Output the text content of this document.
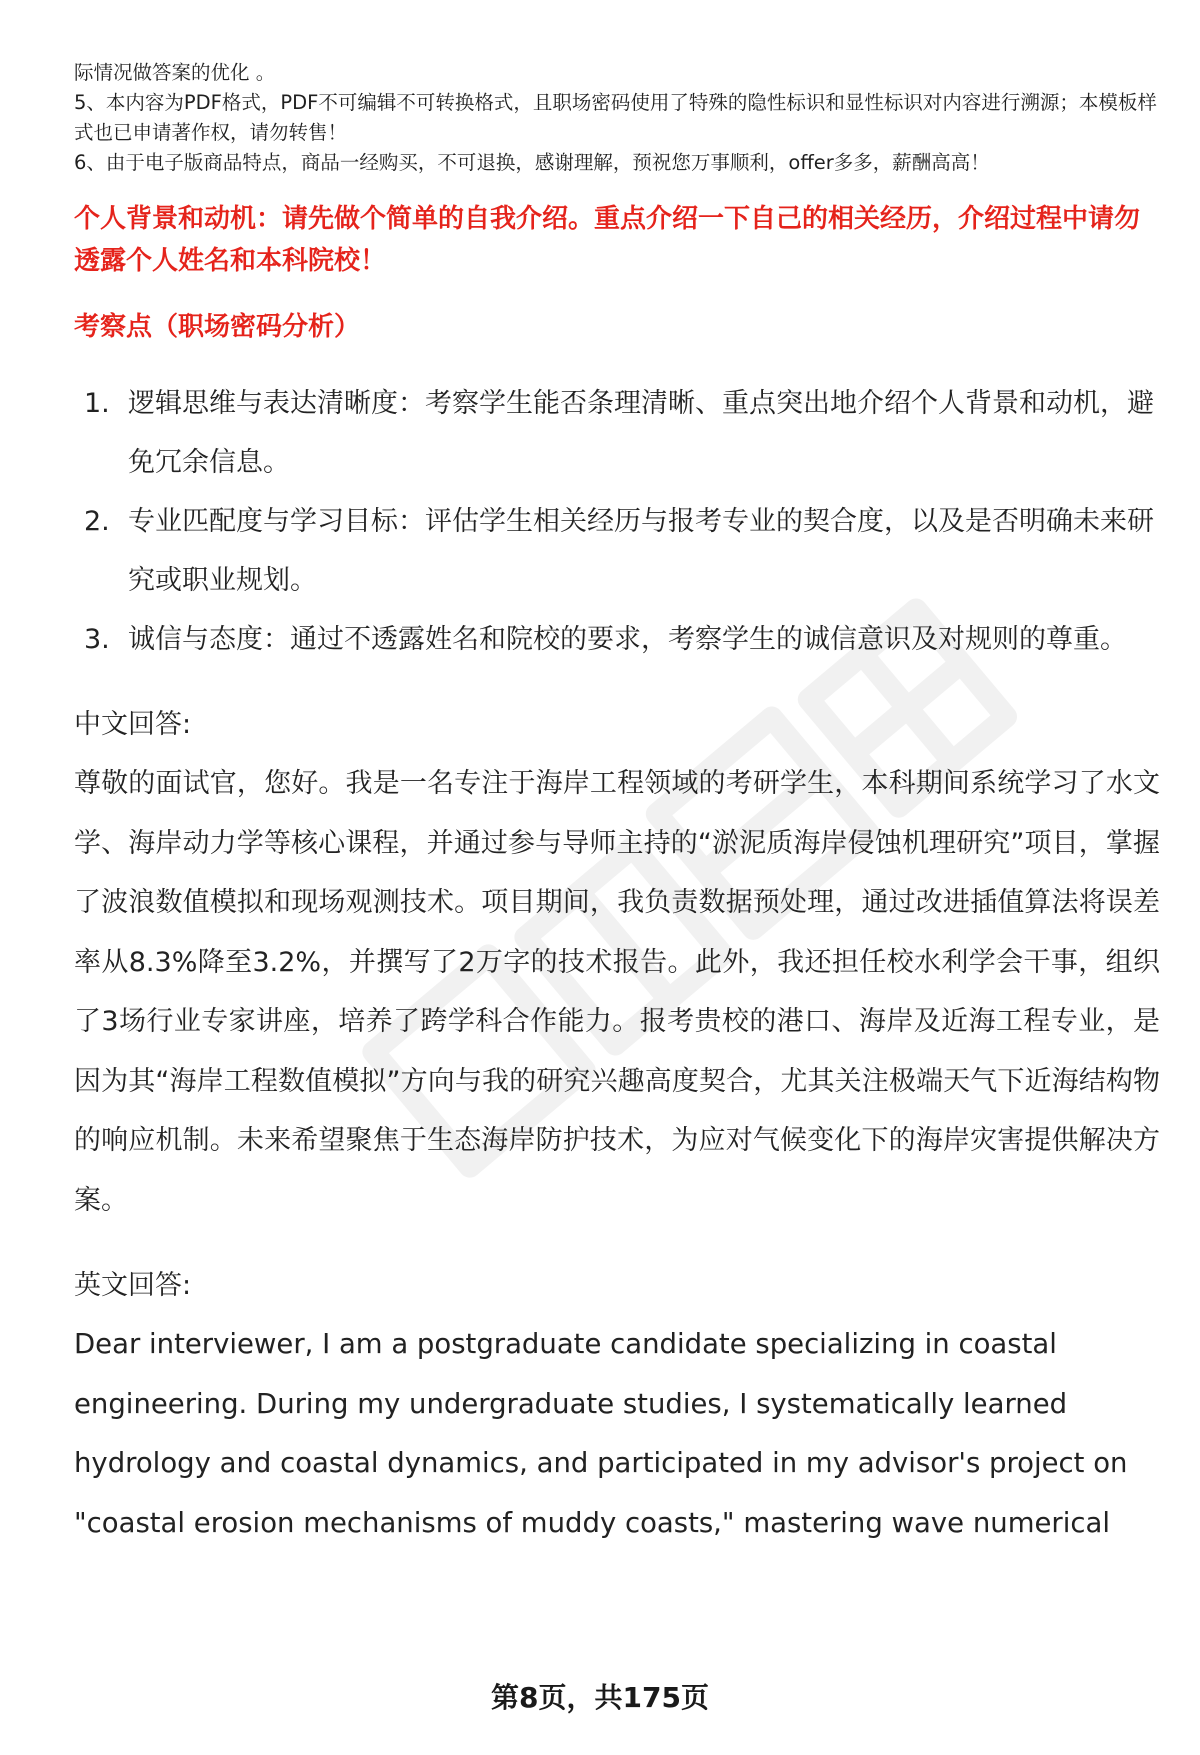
际情况做答案的优化 。

5、本内容为PDF格式，PDF不可编辑不可转换格式，且职场密码使用了特殊的隐性标识和显性标识对内容进行溯源；本模板样式也已申请著作权，请勿转售！

6、由于电子版商品特点，商品一经购买，不可退换，感谢理解，预祝您万事顺利，offer多多，薪酬高高！

个人背景和动机：请先做个简单的自我介绍。重点介绍一下自己的相关经历，介绍过程中请勿透露个人姓名和本科院校！

考察点（职场密码分析）

1. 逻辑思维与表达清晰度：考察学生能否条理清晰、重点突出地介绍个人背景和动机，避免冗余信息。
2. 专业匹配度与学习目标：评估学生相关经历与报考专业的契合度，以及是否明确未来研究或职业规划。
3. 诚信与态度：通过不透露姓名和院校的要求，考察学生的诚信意识及对规则的尊重。

中文回答:

尊敬的面试官，您好。我是一名专注于海岸工程领域的考研学生，本科期间系统学习了水文学、海岸动力学等核心课程，并通过参与导师主持的“淤泥质海岸侵蚀机理研究”项目，掌握了波浪数值模拟和现场观测技术。项目期间，我负责数据预处理，通过改进插值算法将误差率从8.3%降至3.2%，并撰写了2万字的技术报告。此外，我还担任校水利学会干事，组织了3场行业专家讲座，培养了跨学科合作能力。报考贵校的港口、海岸及近海工程专业，是因为其“海岸工程数值模拟”方向与我的研究兴趣高度契合，尤其关注极端天气下近海结构物的响应机制。未来希望聚焦于生态海岸防护技术，为应对气候变化下的海岸灾害提供解决方案。

英文回答:

Dear interviewer, I am a postgraduate candidate specializing in coastal engineering. During my undergraduate studies, I systematically learned hydrology and coastal dynamics, and participated in my advisor's project on "coastal erosion mechanisms of muddy coasts," mastering wave numerical

第8页，共175页
